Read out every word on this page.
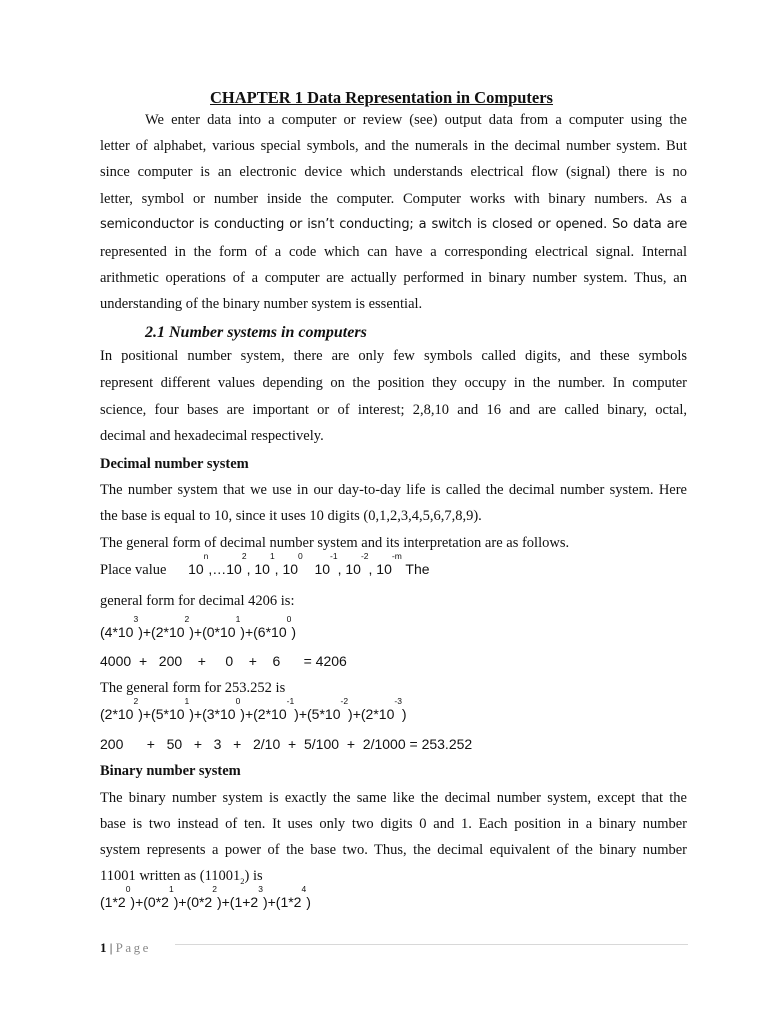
CHAPTER 1 Data Representation in Computers
We enter data into a computer or review (see) output data from a computer using the
letter of alphabet, various special symbols, and the numerals in the decimal number system. But
since computer is an electronic device which understands electrical flow (signal) there is no
letter, symbol or number inside the computer. Computer works with binary numbers. As a
semiconductor is conducting or isn’t conducting; a switch is closed or opened. So data are
represented in the form of a code which can have a corresponding electrical signal. Internal
arithmetic operations of a computer are actually performed in binary number system. Thus, an
understanding of the binary number system is essential.
2.1 Number systems in computers
In positional number system, there are only few symbols called digits, and these symbols
represent different values depending on the position they occupy in the number. In computer
science, four bases are important or of interest; 2,8,10 and 16 and are called binary, octal,
decimal and hexadecimal respectively.
Decimal number system
The number system that we use in our day-to-day life is called the decimal number system. Here
the base is equal to 10, since it uses 10 digits (0,1,2,3,4,5,6,7,8,9).
The general form of decimal number system and its interpretation are as follows.
Place value $10^n,\dots 10^2$, $10^1$, $10^0$   $10^{-1}$, $10^{-2}$, $10^{-m}$ The
general form for decimal 4206 is:
$(4*10^3)+(2*10^2)+(0*10^1)+(6*10^0)$
4000 + 200 + 0 + 6 = 4206
The general form for 253.252 is
$(2*10^2)+(5*10^1)+(3*10^0)+(2*10^{-1})+(5*10^{-2})+(2*10^{-3})$
200 + 50 + 3 + 2/10 + 5/100 + 2/1000 = 253.252
Binary number system
The binary number system is exactly the same like the decimal number system, except that the
base is two instead of ten. It uses only two digits 0 and 1. Each position in a binary number
system represents a power of the base two. Thus, the decimal equivalent of the binary number
11001 written as $(11001_2)$ is
$(1*2^0)+(0*2^1)+(0*2^2)+(1+2^3)+(1*2^4)$
1 | Page
